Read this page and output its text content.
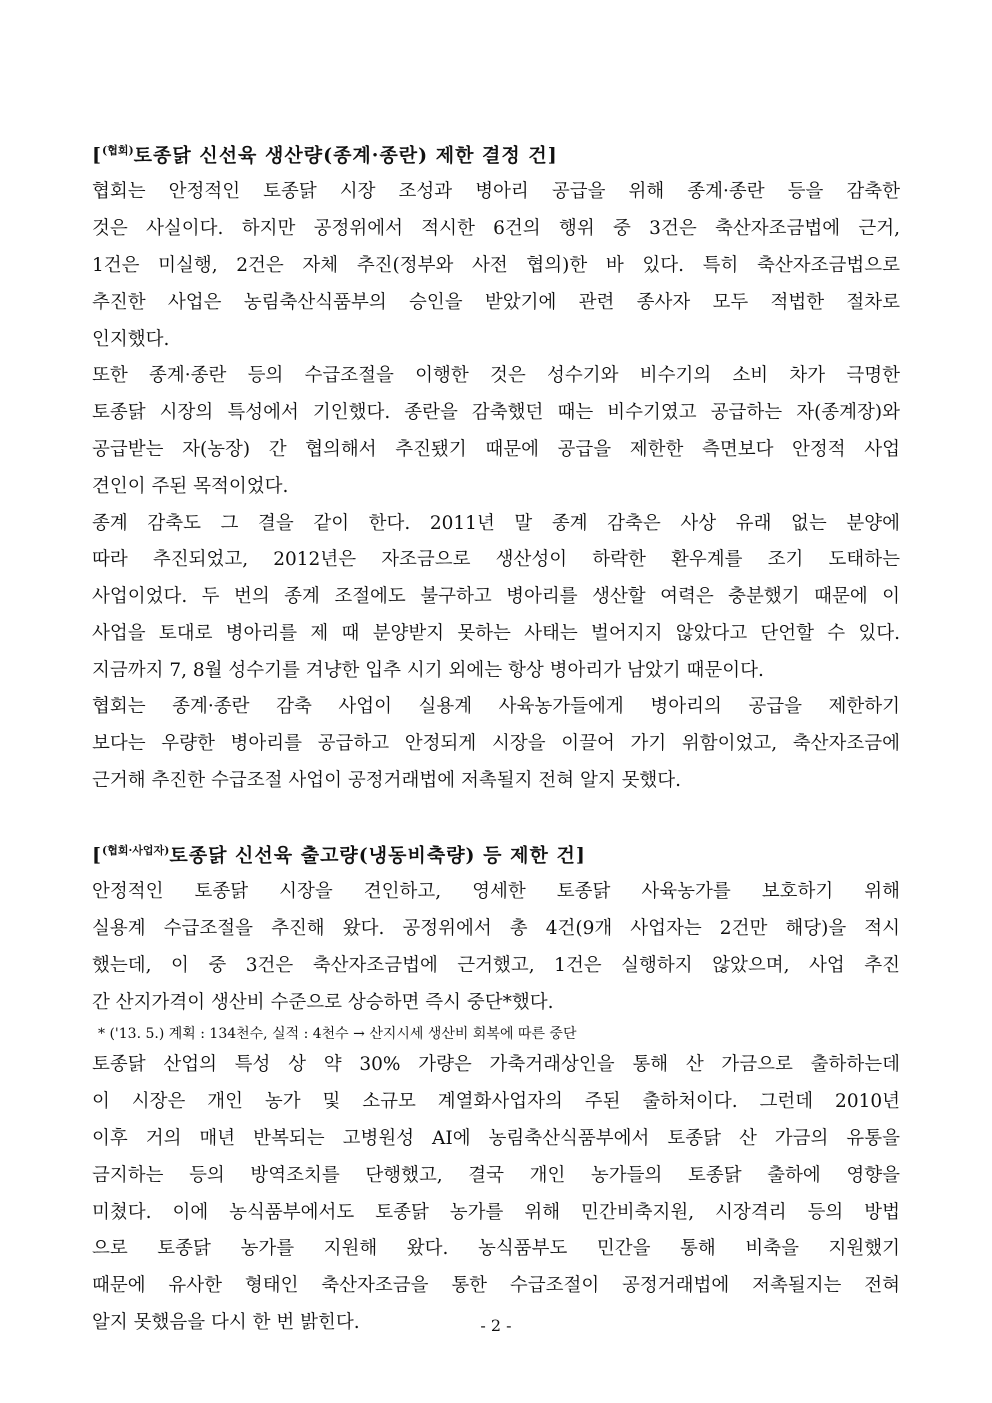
[$^{(협회)}$토종닭 신선육 생산량(종계·종란) 제한 결정 건]
협회는 안정적인 토종닭 시장 조성과 병아리 공급을 위해 종계·종란 등을 감축한
것은 사실이다. 하지만 공정위에서 적시한 6건의 행위 중 3건은 축산자조금법에 근거,
1건은 미실행, 2건은 자체 추진(정부와 사전 협의)한 바 있다. 특히 축산자조금법으로
추진한 사업은 농림축산식품부의 승인을 받았기에 관련 종사자 모두 적법한 절차로
인지했다.
또한 종계·종란 등의 수급조절을 이행한 것은 성수기와 비수기의 소비 차가 극명한
토종닭 시장의 특성에서 기인했다. 종란을 감축했던 때는 비수기였고 공급하는 자(종계장)와
공급받는 자(농장) 간 협의해서 추진됐기 때문에 공급을 제한한 측면보다 안정적 사업
견인이 주된 목적이었다.
종계 감축도 그 결을 같이 한다. 2011년 말 종계 감축은 사상 유래 없는 분양에
따라 추진되었고, 2012년은 자조금으로 생산성이 하락한 환우계를 조기 도태하는
사업이었다. 두 번의 종계 조절에도 불구하고 병아리를 생산할 여력은 충분했기 때문에 이
사업을 토대로 병아리를 제 때 분양받지 못하는 사태는 벌어지지 않았다고 단언할 수 있다.
지금까지 7, 8월 성수기를 겨냥한 입추 시기 외에는 항상 병아리가 남았기 때문이다.
협회는 종계·종란 감축 사업이 실용계 사육농가들에게 병아리의 공급을 제한하기
보다는 우량한 병아리를 공급하고 안정되게 시장을 이끌어 가기 위함이었고, 축산자조금에
근거해 추진한 수급조절 사업이 공정거래법에 저촉될지 전혀 알지 못했다.
[$^{(협회\cdot 사업자)}$토종닭 신선육 출고량(냉동비축량) 등 제한 건]
안정적인 토종닭 시장을 견인하고, 영세한 토종닭 사육농가를 보호하기 위해
실용계 수급조절을 추진해 왔다. 공정위에서 총 4건(9개 사업자는 2건만 해당)을 적시
했는데, 이 중 3건은 축산자조금법에 근거했고, 1건은 실행하지 않았으며, 사업 추진
간 산지가격이 생산비 수준으로 상승하면 즉시 중단*했다.
* ('13. 5.) 계획 : 134천수, 실적 : 4천수 → 산지시세 생산비 회복에 따른 중단
토종닭 산업의 특성 상 약 30% 가량은 가축거래상인을 통해 산 가금으로 출하하는데
이 시장은 개인 농가 및 소규모 계열화사업자의 주된 출하처이다. 그런데 2010년
이후 거의 매년 반복되는 고병원성 AI에 농림축산식품부에서 토종닭 산 가금의 유통을
금지하는 등의 방역조치를 단행했고, 결국 개인 농가들의 토종닭 출하에 영향을
미쳤다. 이에 농식품부에서도 토종닭 농가를 위해 민간비축지원, 시장격리 등의 방법
으로 토종닭 농가를 지원해 왔다. 농식품부도 민간을 통해 비축을 지원했기
때문에 유사한 형태인 축산자조금을 통한 수급조절이 공정거래법에 저촉될지는 전혀
알지 못했음을 다시 한 번 밝힌다.	- 2 -
